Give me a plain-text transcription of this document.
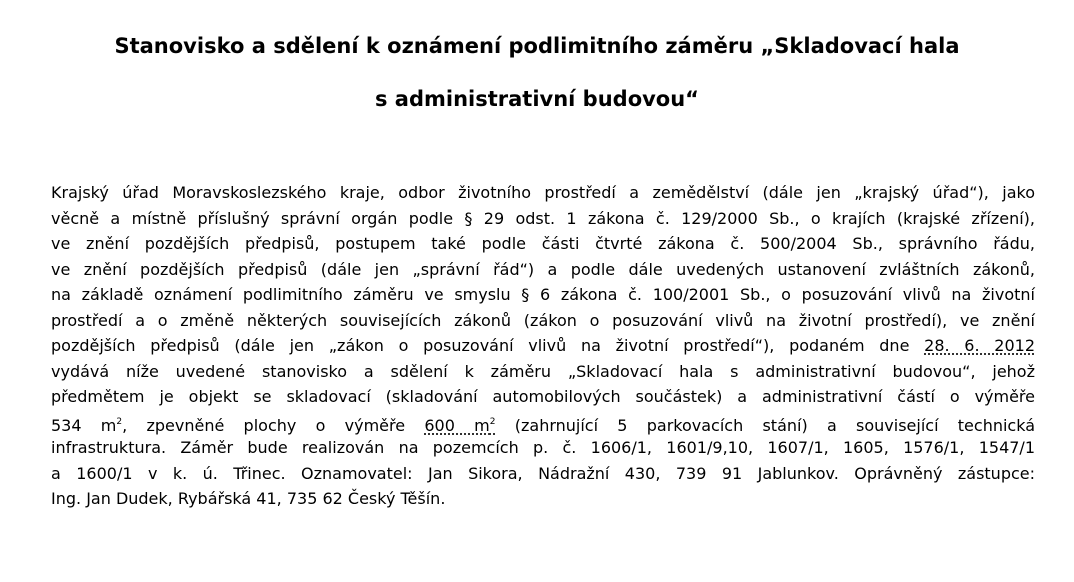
Stanovisko a sdělení k oznámení podlimitního záměru „Skladovací hala
s administrativní budovou“
Krajský úřad Moravskoslezského kraje, odbor životního prostředí a zemědělství (dále jen „krajský úřad“), jako
věcně a místně příslušný správní orgán podle § 29 odst. 1 zákona č. 129/2000 Sb., o krajích (krajské zřízení),
ve znění pozdějších předpisů, postupem také podle části čtvrté zákona č. 500/2004 Sb., správního řádu,
ve znění pozdějších předpisů (dále jen „správní řád“) a podle dále uvedených ustanovení zvláštních zákonů,
na základě oznámení podlimitního záměru ve smyslu § 6 zákona č. 100/2001 Sb., o posuzování vlivů na životní
prostředí a o změně některých souvisejících zákonů (zákon o posuzování vlivů na životní prostředí), ve znění
pozdějších předpisů (dále jen „zákon o posuzování vlivů na životní prostředí“), podaném dne 28. 6. 2012
vydává níže uvedené stanovisko a sdělení k záměru „Skladovací hala s administrativní budovou“, jehož
předmětem je objekt se skladovací (skladování automobilových součástek) a administrativní částí o výměře
534 $m^2$, zpevněné plochy o výměře 600 $m^2$ (zahrnující 5 parkovacích stání) a související technická
infrastruktura. Záměr bude realizován na pozemcích p. č. 1606/1, 1601/9,10, 1607/1, 1605, 1576/1, 1547/1
a 1600/1 v k. ú. Třinec. Oznamovatel: Jan Sikora, Nádražní 430, 739 91 Jablunkov. Oprávněný zástupce:
Ing. Jan Dudek, Rybářská 41, 735 62 Český Těšín.
